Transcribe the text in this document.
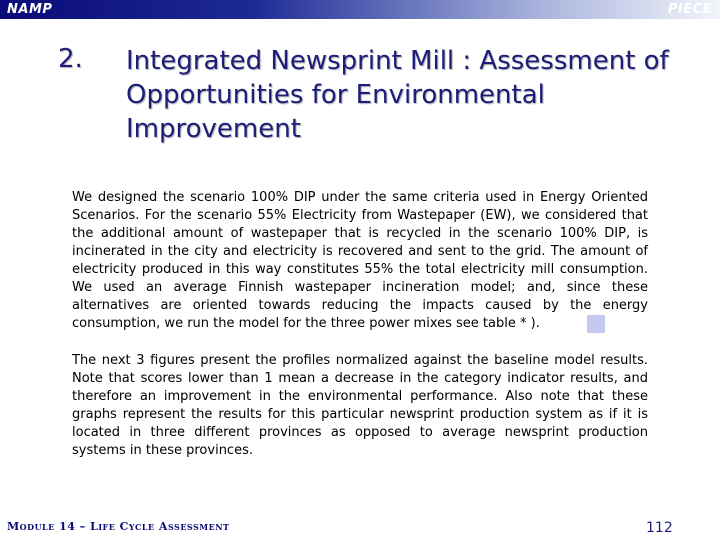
NAMP	PIECE
2. Integrated Newsprint Mill : Assessment of Opportunities for Environmental Improvement

We designed the scenario 100% DIP under the same criteria used in Energy Oriented Scenarios. For the scenario 55% Electricity from Wastepaper (EW), we considered that the additional amount of wastepaper that is recycled in the scenario 100% DIP, is incinerated in the city and electricity is recovered and sent to the grid. The amount of electricity produced in this way constitutes 55% the total electricity mill consumption. We used an average Finnish wastepaper incineration model; and, since these alternatives are oriented towards reducing the impacts caused by the energy consumption, we run the model for the three power mixes see table * ).

The next 3 figures present the profiles normalized against the baseline model results. Note that scores lower than 1 mean a decrease in the category indicator results, and therefore an improvement in the environmental performance. Also note that these graphs represent the results for this particular newsprint production system as if it is located in three different provinces as opposed to average newsprint production systems in these provinces.

Module 14 – Life Cycle Assessment	112
